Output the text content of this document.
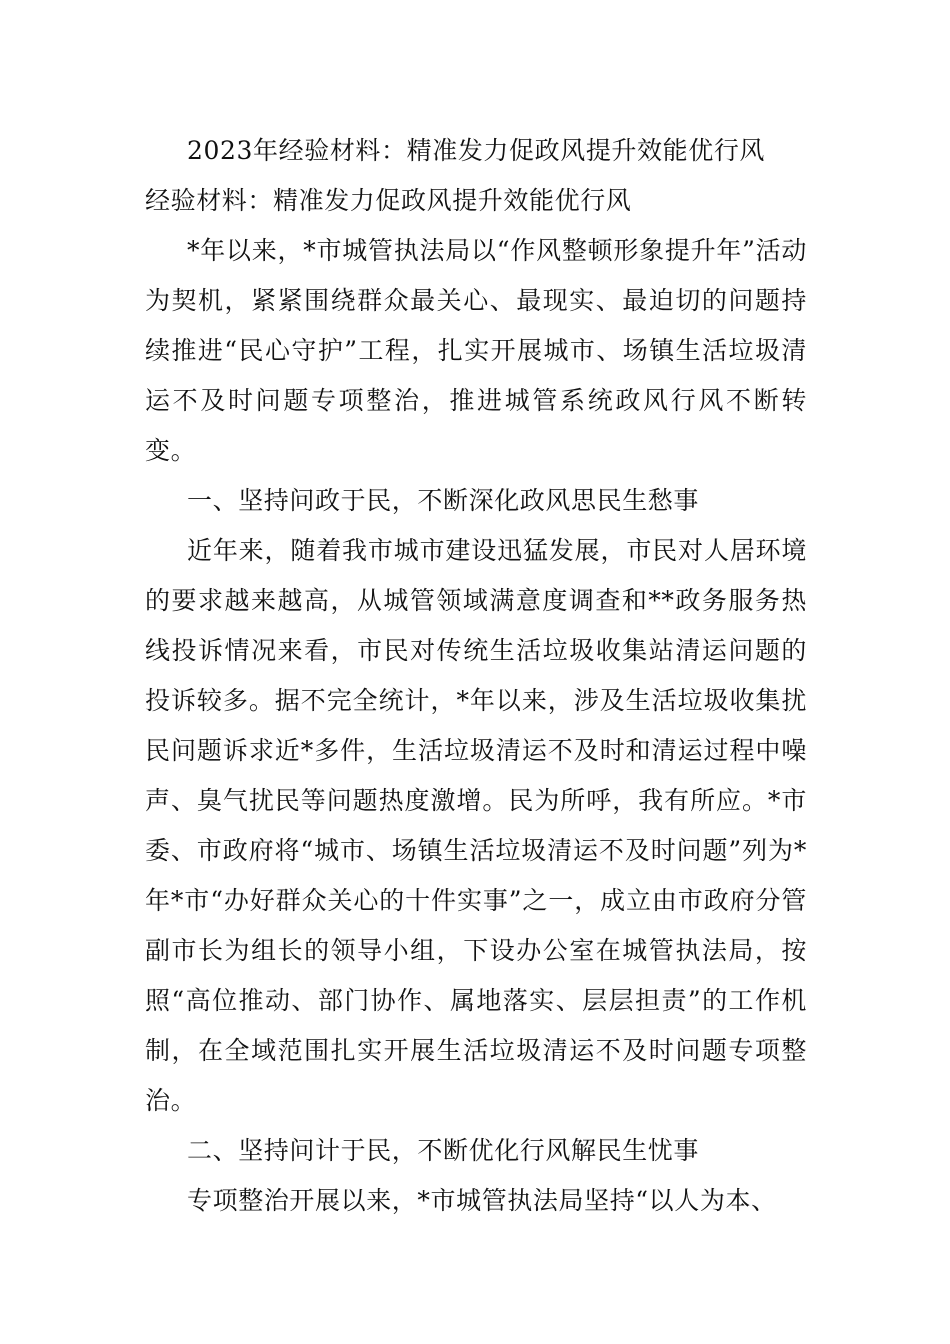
2023年经验材料：精准发力促政风提升效能优行风

经验材料：精准发力促政风提升效能优行风

*年以来，*市城管执法局以“作风整顿形象提升年”活动为契机，紧紧围绕群众最关心、最现实、最迫切的问题持续推进“民心守护”工程，扎实开展城市、场镇生活垃圾清运不及时问题专项整治，推进城管系统政风行风不断转变。

一、坚持问政于民，不断深化政风思民生愁事

近年来，随着我市城市建设迅猛发展，市民对人居环境的要求越来越高，从城管领域满意度调查和**政务服务热线投诉情况来看，市民对传统生活垃圾收集站清运问题的投诉较多。据不完全统计，*年以来，涉及生活垃圾收集扰民问题诉求近*多件，生活垃圾清运不及时和清运过程中噪声、臭气扰民等问题热度激增。民为所呼，我有所应。*市委、市政府将“城市、场镇生活垃圾清运不及时问题”列为*年*市“办好群众关心的十件实事”之一，成立由市政府分管副市长为组长的领导小组，下设办公室在城管执法局，按照“高位推动、部门协作、属地落实、层层担责”的工作机制，在全域范围扎实开展生活垃圾清运不及时问题专项整治。

二、坚持问计于民，不断优化行风解民生忧事

专项整治开展以来，*市城管执法局坚持“以人为本、
